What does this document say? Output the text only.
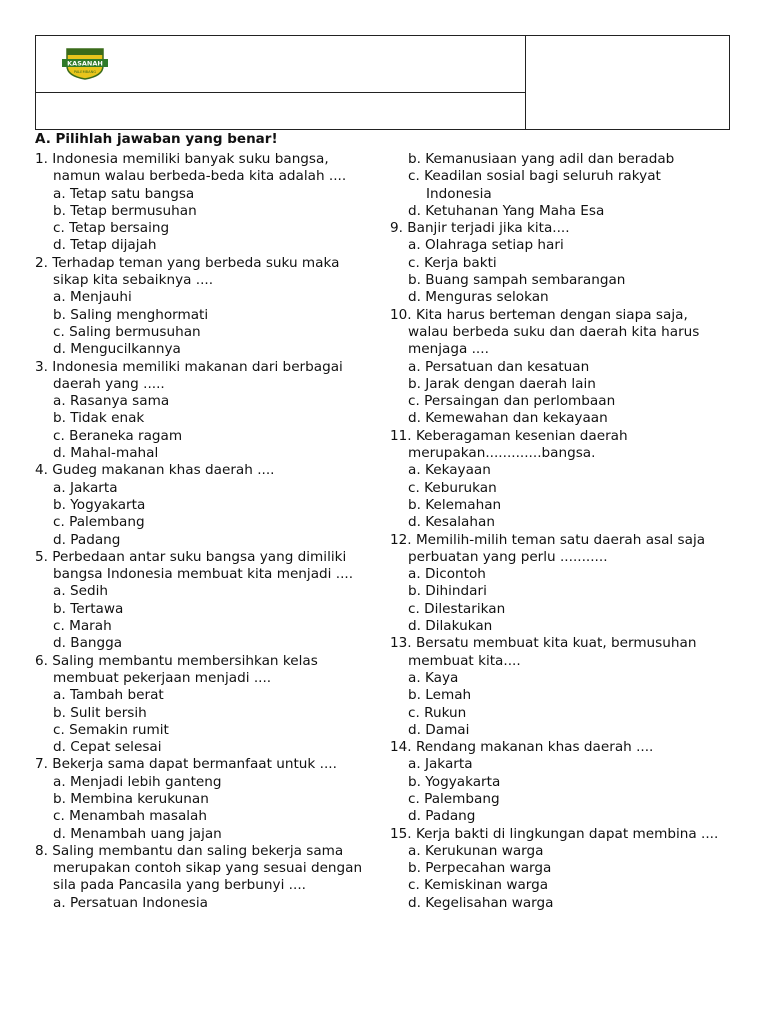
KASANAH
PALEMBANG
A. Pilihlah jawaban yang benar!
1. Indonesia memiliki banyak suku bangsa,
namun walau berbeda-beda kita adalah ....
a. Tetap satu bangsa
b. Tetap bermusuhan
c. Tetap bersaing
d. Tetap dijajah
2. Terhadap teman yang berbeda suku maka
sikap kita sebaiknya ....
a. Menjauhi
b. Saling menghormati
c. Saling bermusuhan
d. Mengucilkannya
3. Indonesia memiliki makanan dari berbagai
daerah yang .....
a. Rasanya sama
b. Tidak enak
c. Beraneka ragam
d. Mahal-mahal
4. Gudeg makanan khas daerah ....
a. Jakarta
b. Yogyakarta
c. Palembang
d. Padang
5. Perbedaan antar suku bangsa yang dimiliki
bangsa Indonesia membuat kita menjadi ....
a. Sedih
b. Tertawa
c. Marah
d. Bangga
6. Saling membantu membersihkan kelas
membuat pekerjaan menjadi ....
a. Tambah berat
b. Sulit bersih
c. Semakin rumit
d. Cepat selesai
7. Bekerja sama dapat bermanfaat untuk ....
a. Menjadi lebih ganteng
b. Membina kerukunan
c. Menambah masalah
d. Menambah uang jajan
8. Saling membantu dan saling bekerja sama
merupakan contoh sikap yang sesuai dengan
sila pada Pancasila yang berbunyi ....
a. Persatuan Indonesia
b. Kemanusiaan yang adil dan beradab
c. Keadilan sosial bagi seluruh rakyat
Indonesia
d. Ketuhanan Yang Maha Esa
9. Banjir terjadi jika kita....
a. Olahraga setiap hari
c. Kerja bakti
b. Buang sampah sembarangan
d. Menguras selokan
10. Kita harus berteman dengan siapa saja,
walau berbeda suku dan daerah kita harus
menjaga ....
a. Persatuan dan kesatuan
b. Jarak dengan daerah lain
c. Persaingan dan perlombaan
d. Kemewahan dan kekayaan
11. Keberagaman kesenian daerah
merupakan.............bangsa.
a. Kekayaan
c. Keburukan
b. Kelemahan
d. Kesalahan
12. Memilih-milih teman satu daerah asal saja
perbuatan yang perlu ...........
a. Dicontoh
b. Dihindari
c. Dilestarikan
d. Dilakukan
13. Bersatu membuat kita kuat, bermusuhan
membuat kita....
a. Kaya
b. Lemah
c. Rukun
d. Damai
14. Rendang makanan khas daerah ....
a. Jakarta
b. Yogyakarta
c. Palembang
d. Padang
15. Kerja bakti di lingkungan dapat membina ....
a. Kerukunan warga
b. Perpecahan warga
c. Kemiskinan warga
d. Kegelisahan warga
